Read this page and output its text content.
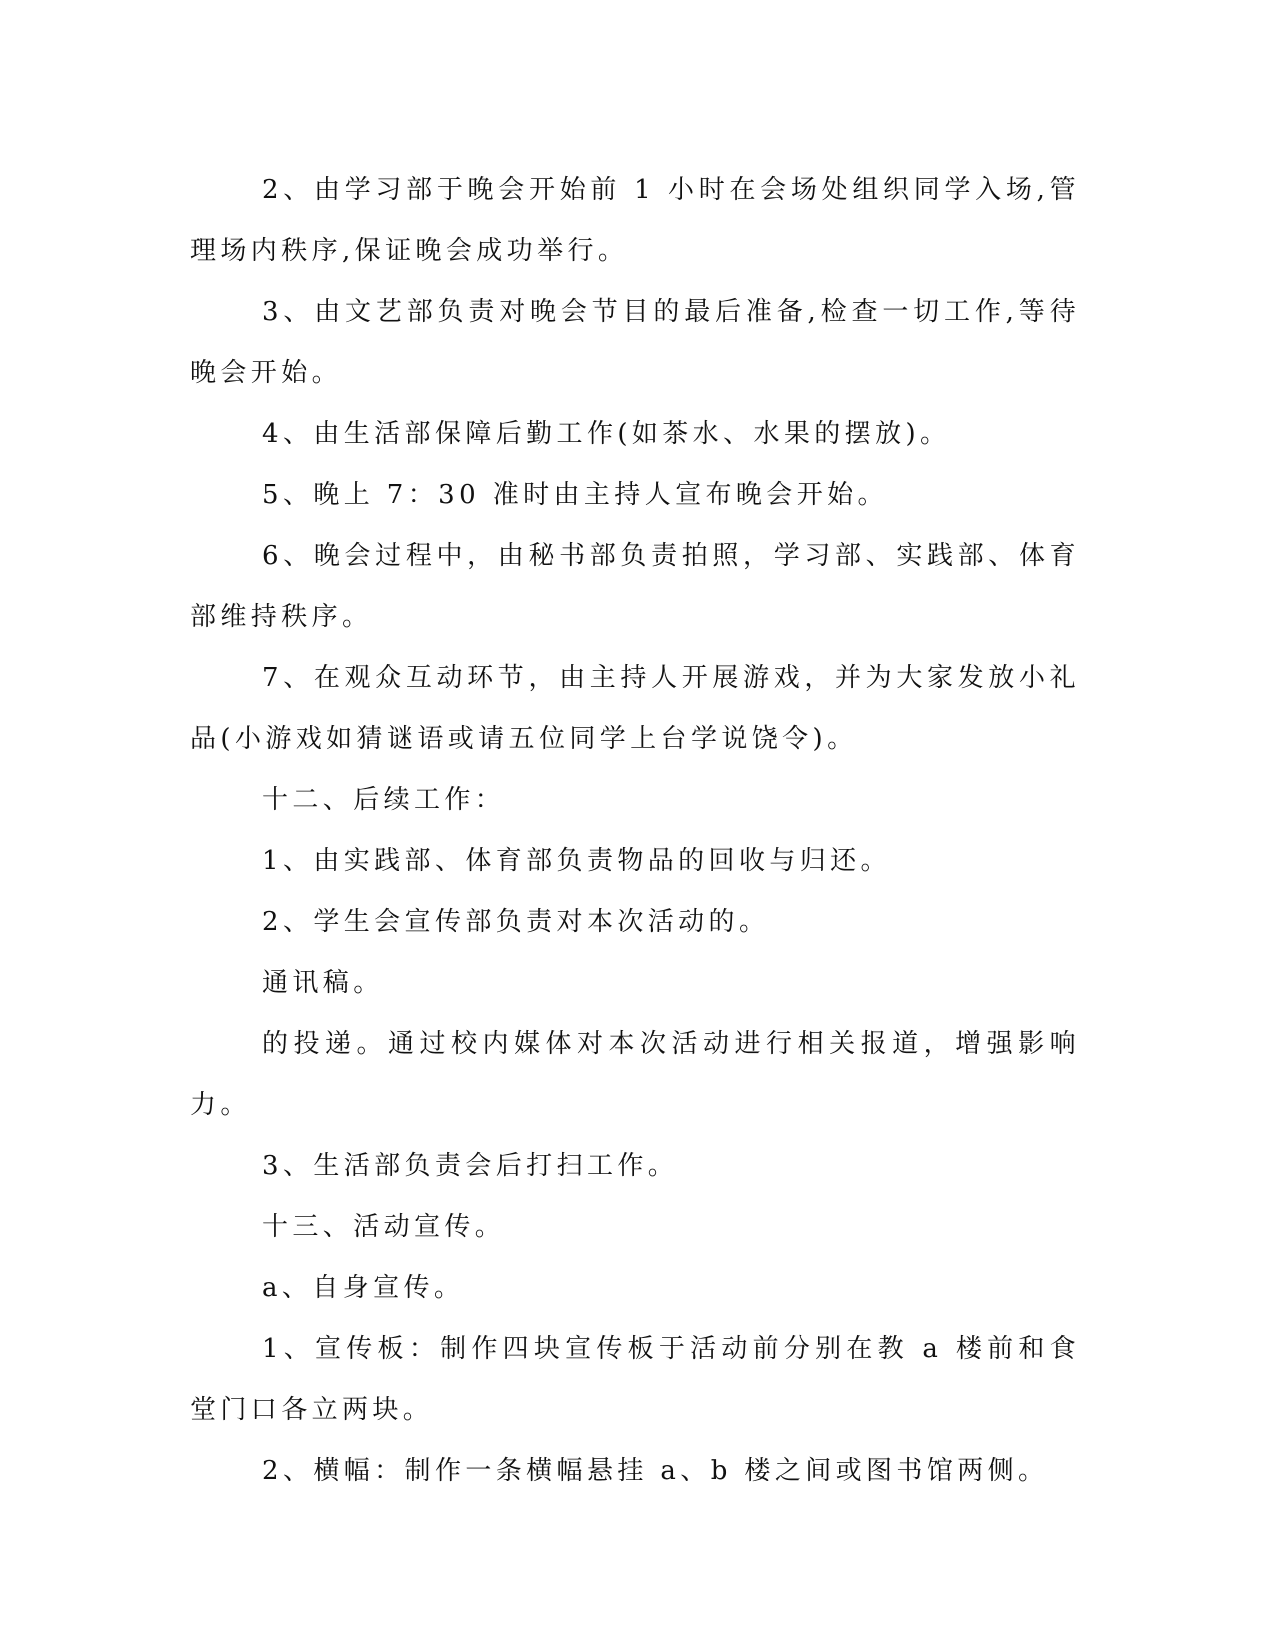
2、由学习部于晚会开始前 1 小时在会场处组织同学入场,管理场内秩序,保证晚会成功举行。

3、由文艺部负责对晚会节目的最后准备,检查一切工作,等待晚会开始。

4、由生活部保障后勤工作(如茶水、水果的摆放)。

5、晚上 7：30 准时由主持人宣布晚会开始。

6、晚会过程中，由秘书部负责拍照，学习部、实践部、体育部维持秩序。

7、在观众互动环节，由主持人开展游戏，并为大家发放小礼品(小游戏如猜谜语或请五位同学上台学说饶令)。

十二、后续工作：

1、由实践部、体育部负责物品的回收与归还。

2、学生会宣传部负责对本次活动的。

通讯稿。

的投递。通过校内媒体对本次活动进行相关报道，增强影响力。

3、生活部负责会后打扫工作。

十三、活动宣传。

a、自身宣传。

1、宣传板：制作四块宣传板于活动前分别在教 a 楼前和食堂门口各立两块。

2、横幅：制作一条横幅悬挂 a、b 楼之间或图书馆两侧。
